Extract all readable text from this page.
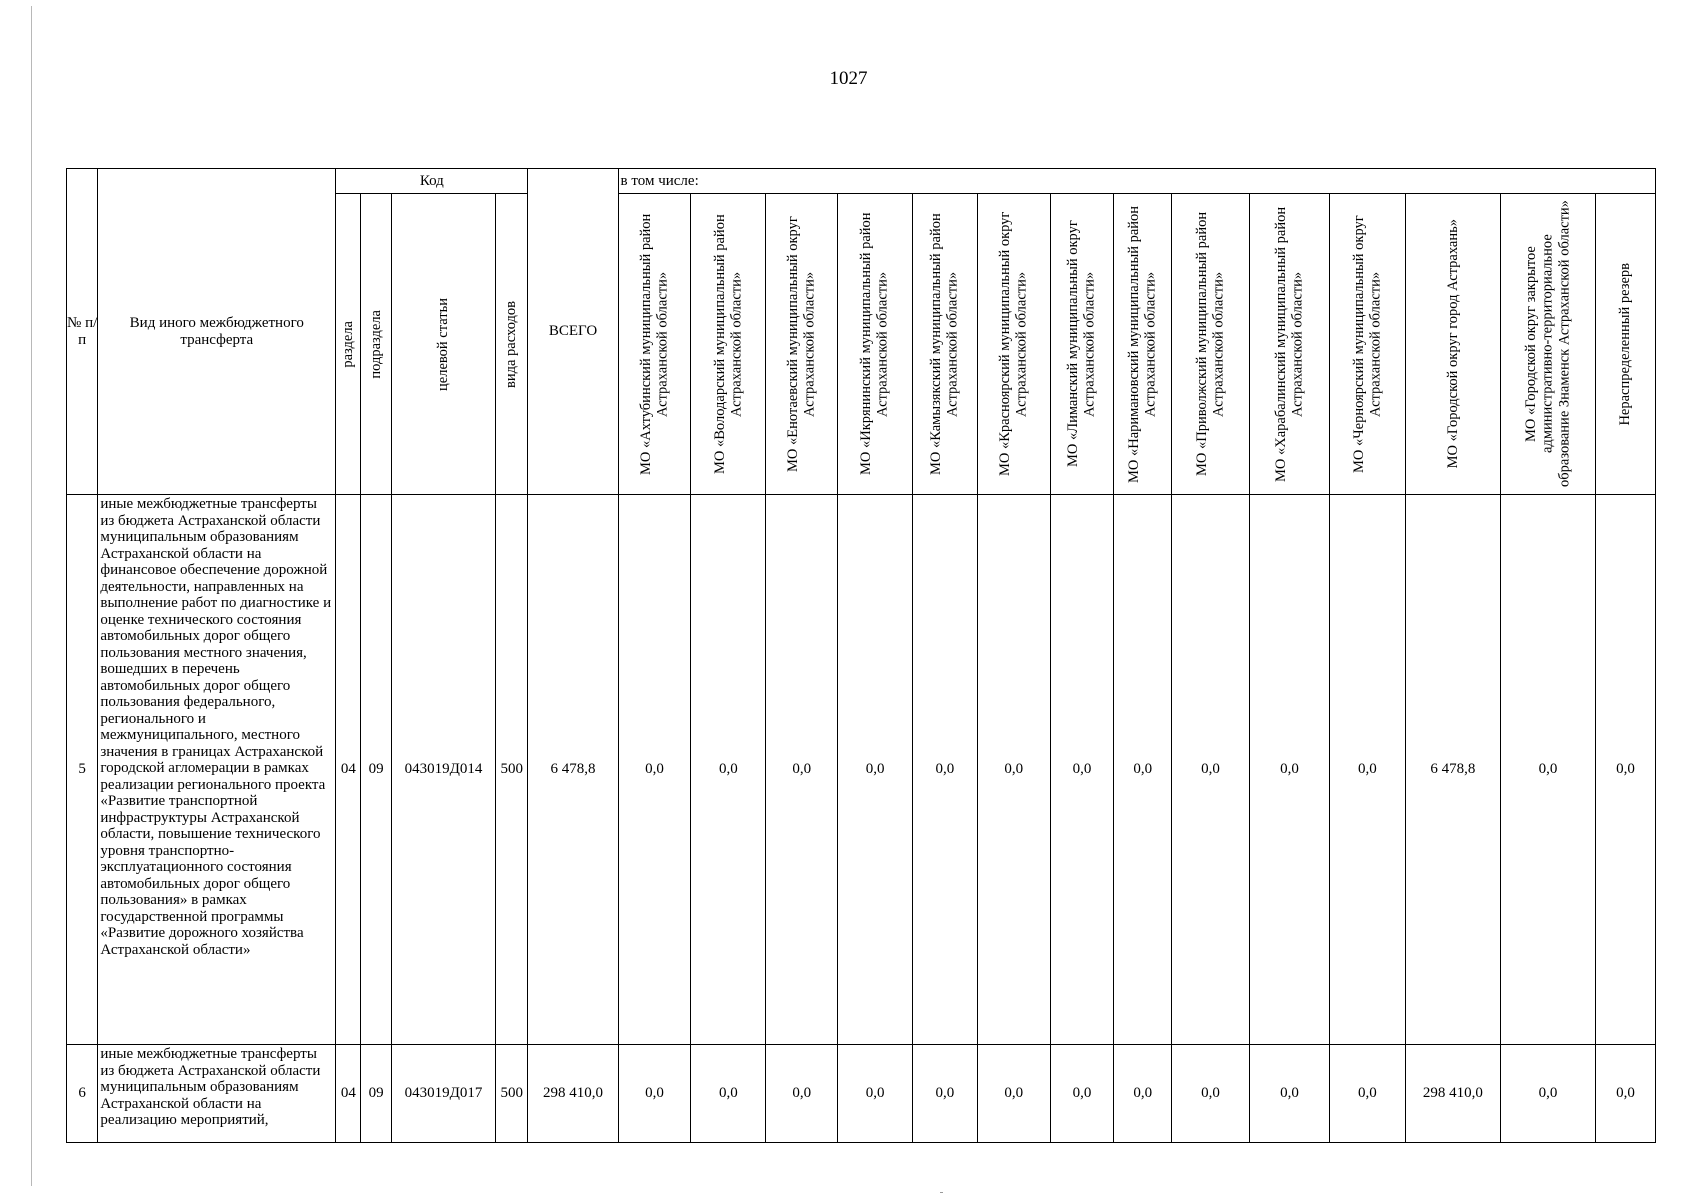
1027
№ п/п	Вид иного межбюджетного трансферта	Код				ВСЕГО	в том числе:													

		раздела	подраздела	целевой статьи	вида расходов		МО «Ахтубинский муниципальный район Астраханской области»	МО «Володарский муниципальный район Астраханской области»	МО «Енотаевский муниципальный округ Астраханской области»	МО «Икрянинский муниципальный район Астраханской области»	МО «Камызякский муниципальный район Астраханской области»	МО «Красноярский муниципальный округ Астраханской области»	МО «Лиманский муниципальный округ Астраханской области»	МО «Наримановский муниципальный район Астраханской области»	МО «Приволжский муниципальный район Астраханской области»	МО «Харабалинский муниципальный район Астраханской области»	МО «Черноярский муниципальный округ Астраханской области»	МО «Городской округ город Астрахань»	МО «Городской округ закрытое административно-территориальное образование Знаменск Астраханской области»	Нераспределенный резерв

5	иные межбюджетные трансферты из бюджета Астраханской области муниципальным образованиям Астраханской области на финансовое обеспечение дорожной деятельности, направленных на выполнение работ по диагностике и оценке технического состояния автомобильных дорог общего пользования местного значения, вошедших в перечень автомобильных дорог общего пользования федерального, регионального и межмуниципального, местного значения в границах Астраханской городской агломерации в рамках реализации регионального проекта «Развитие транспортной инфраструктуры Астраханской области, повышение технического уровня транспортно-эксплуатационного состояния автомобильных дорог общего пользования» в рамках государственной программы «Развитие дорожного хозяйства Астраханской области»	04	09	043019Д014	500	6 478,8	0,0	0,0	0,0	0,0	0,0	0,0	0,0	0,0	0,0	0,0	0,0	6 478,8	0,0	0,0
6	иные межбюджетные трансферты из бюджета Астраханской области муниципальным образованиям Астраханской области на реализацию мероприятий,	04	09	043019Д017	500	298 410,0	0,0	0,0	0,0	0,0	0,0	0,0	0,0	0,0	0,0	0,0	0,0	298 410,0	0,0	0,0
